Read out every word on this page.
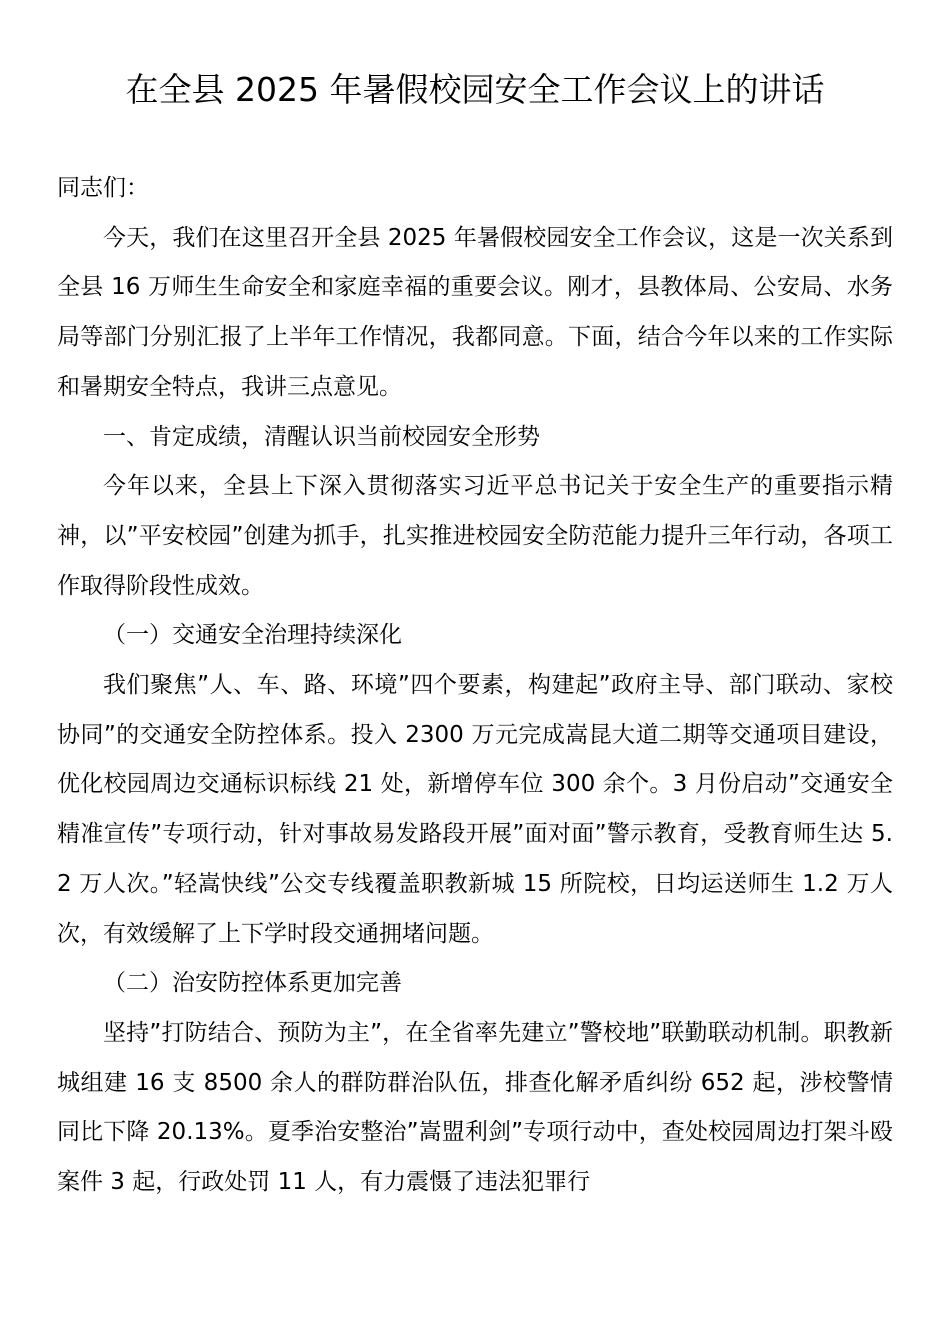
在全县 2025 年暑假校园安全工作会议上的讲话

同志们：

今天，我们在这里召开全县 2025 年暑假校园安全工作会议，这是一次关系到全县 16 万师生生命安全和家庭幸福的重要会议。刚才，县教体局、公安局、水务局等部门分别汇报了上半年工作情况，我都同意。下面，结合今年以来的工作实际和暑期安全特点，我讲三点意见。

一、肯定成绩，清醒认识当前校园安全形势

今年以来，全县上下深入贯彻落实习近平总书记关于安全生产的重要指示精神，以”平安校园”创建为抓手，扎实推进校园安全防范能力提升三年行动，各项工作取得阶段性成效。

（一）交通安全治理持续深化

我们聚焦”人、车、路、环境”四个要素，构建起”政府主导、部门联动、家校协同”的交通安全防控体系。投入 2300 万元完成嵩昆大道二期等交通项目建设，优化校园周边交通标识标线 21 处，新增停车位 300 余个。3 月份启动”交通安全精准宣传”专项行动，针对事故易发路段开展”面对面”警示教育，受教育师生达 5.2 万人次。”轻嵩快线”公交专线覆盖职教新城 15 所院校，日均运送师生 1.2 万人次，有效缓解了上下学时段交通拥堵问题。

（二）治安防控体系更加完善

坚持”打防结合、预防为主”，在全省率先建立”警校地”联勤联动机制。职教新城组建 16 支 8500 余人的群防群治队伍，排查化解矛盾纠纷 652 起，涉校警情同比下降 20.13%。夏季治安整治”嵩盟利剑”专项行动中，查处校园周边打架斗殴案件 3 起，行政处罚 11 人，有力震慑了违法犯罪行
